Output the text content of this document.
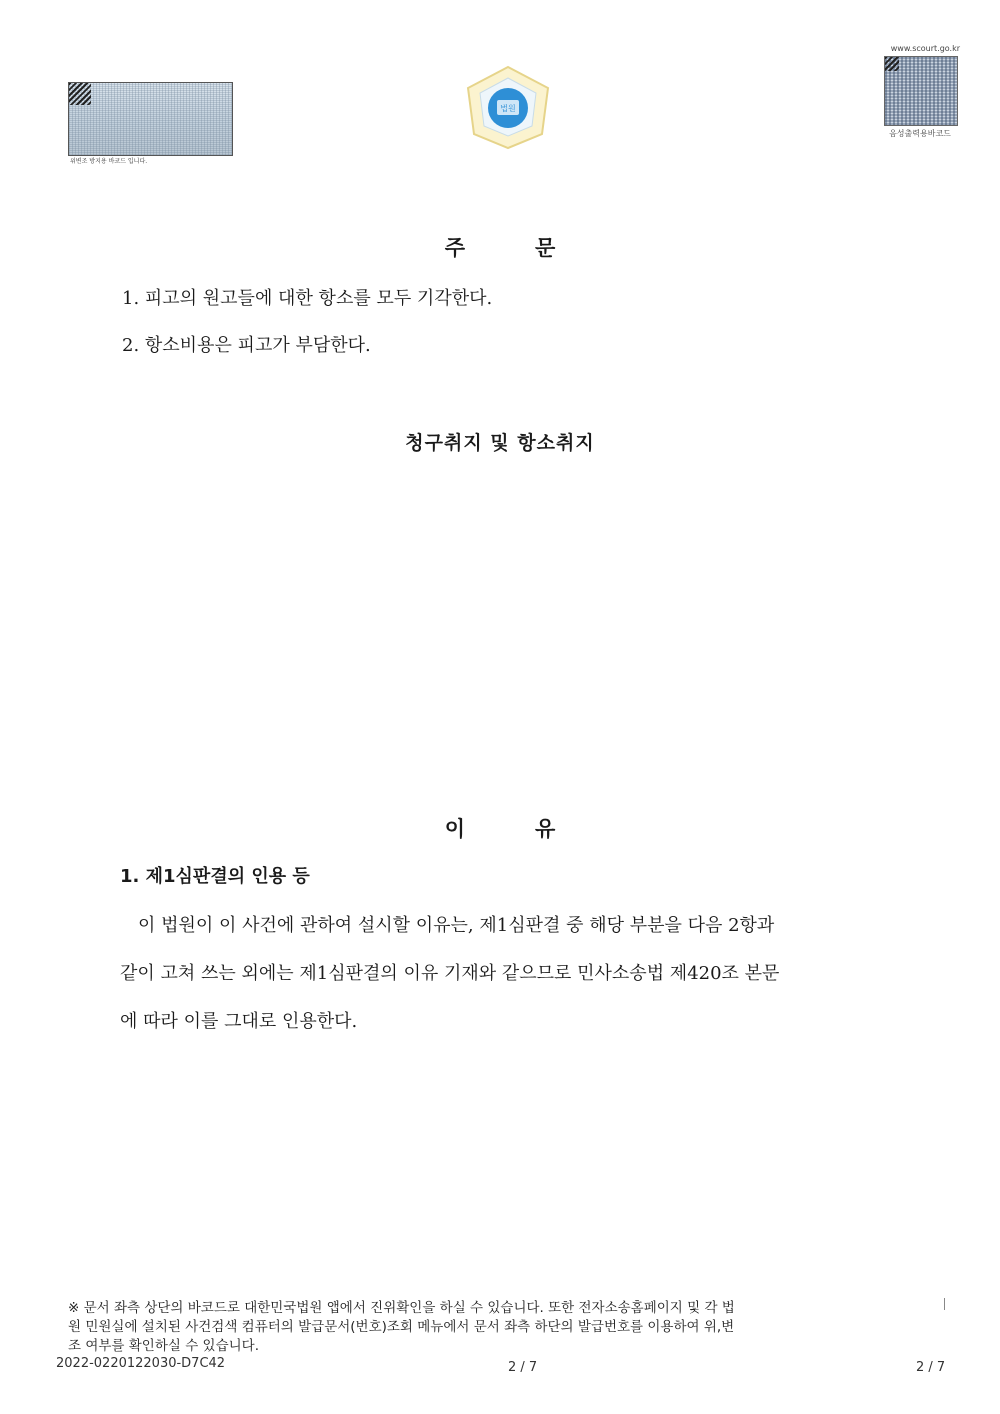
위변조 방지용 바코드 입니다.
법원
www.scourt.go.kr
음성출력용바코드
주	문
1. 피고의 원고들에 대한 항소를 모두 기각한다.
2. 항소비용은 피고가 부담한다.
청구취지 및 항소취지
이	유
1. 제1심판결의 인용 등
이 법원이 이 사건에 관하여 설시할 이유는, 제1심판결 중 해당 부분을 다음 2항과
같이 고쳐 쓰는 외에는 제1심판결의 이유 기재와 같으므로 민사소송법 제420조 본문
에 따라 이를 그대로 인용한다.
※ 문서 좌측 상단의 바코드로 대한민국법원 앱에서 진위확인을 하실 수 있습니다. 또한 전자소송홈페이지 및 각 법
원 민원실에 설치된 사건검색 컴퓨터의 발급문서(번호)조회 메뉴에서 문서 좌측 하단의 발급번호를 이용하여 위,변
조 여부를 확인하실 수 있습니다.
2022-0220122030-D7C42	2 / 7	2 / 7
